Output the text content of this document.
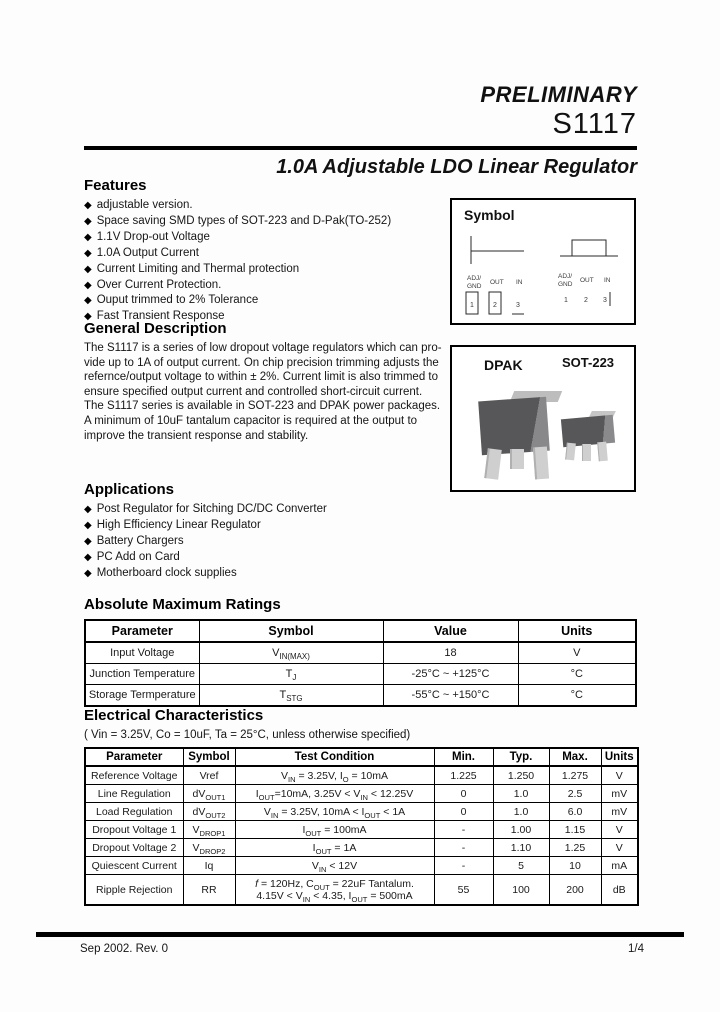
PRELIMINARY
S1117
1.0A Adjustable LDO Linear Regulator
Features
◆ adjustable version.
◆ Space saving SMD types of SOT-223 and D-Pak(TO-252)
◆ 1.1V Drop-out Voltage
◆ 1.0A Output Current
◆ Current Limiting and Thermal protection
◆ Over Current Protection.
◆ Ouput trimmed to 2% Tolerance
◆ Fast Transient Response
Symbol
ADJ/
GND
OUT IN
1	2	3
ADJ/
GND
OUT IN
1 2 3
DPAK	SOT-223
General Description
The S1117 is a series of low dropout voltage regulators which can pro-
vide up to 1A of output current. On chip precision trimming adjusts the
refernce/output voltage to within ± 2%. Current limit is also trimmed to
ensure specified output current and controlled short-circuit current.
The S1117 series is available in SOT-223 and DPAK power packages.
A minimum of 10uF tantalum capacitor is required at the output to
improve the transient response and stability.
Applications
◆ Post Regulator for Sitching DC/DC Converter
◆ High Efficiency Linear Regulator
◆ Battery Chargers
◆ PC Add on Card
◆ Motherboard clock supplies
Absolute Maximum Ratings
Parameter	Symbol	Value	Units
Input Voltage	$V_{IN(MAX)}$	18	V
Junction Temperature	$T_J$	-25°C ~ +125°C	°C
Storage Termperature	$T_{STG}$	-55°C ~ +150°C	°C
Electrical Characteristics
( Vin = 3.25V, Co = 10uF, Ta = 25°C, unless otherwise specified)
Parameter	Symbol	Test Condition	Min.	Typ.	Max.	Units
Reference Voltage	Vref	$V_{IN} = 3.25V$, $I_O = 10mA$	1.225	1.250	1.275	V
Line Regulation	$dV_{OUT1}$	$I_{OUT}=10mA$, $3.25V < V_{IN} < 12.25V$	0	1.0	2.5	mV
Load Regulation	$dV_{OUT2}$	$V_{IN} = 3.25V$, $10mA < I_{OUT} < 1A$	0	1.0	6.0	mV
Dropout Voltage 1	$V_{DROP1}$	$I_{OUT} = 100mA$	-	1.00	1.15	V
Dropout Voltage 2	$V_{DROP2}$	$I_{OUT} = 1A$	-	1.10	1.25	V
Quiescent Current	Iq	$V_{IN} < 12V$	-	5	10	mA
Ripple Rejection	RR	f = 120Hz, $C_{OUT} = 22uF$ Tantalum.
$4.15V < V_{IN} < 4.35$, $I_{OUT} = 500mA$	55	100	200	dB
Sep 2002. Rev. 0	1/4
